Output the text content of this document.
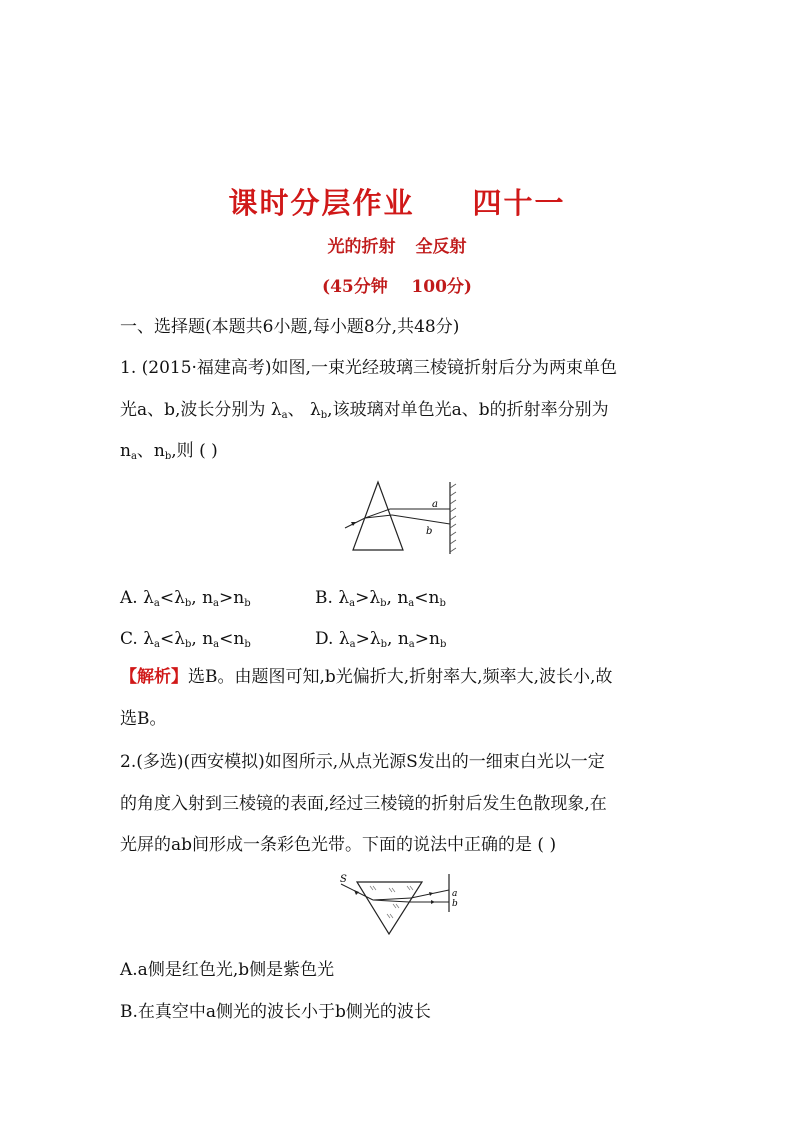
课时分层作业 四十一
光的折射 全反射
(45分钟 100分)
一、选择题(本题共6小题,每小题8分,共48分)
1. (2015·福建高考)如图,一束光经玻璃三棱镜折射后分为两束单色
光a、b,波长分别为 $\lambda_a$、 $\lambda_b$,该玻璃对单色光a、b的折射率分别为
$n_a$、$n_b$,则 ( )
a
b
A. $\lambda_a<\lambda_b$, $n_a>n_b$	B. $\lambda_a>\lambda_b$, $n_a<n_b$
C. $\lambda_a<\lambda_b$, $n_a<n_b$	D. $\lambda_a>\lambda_b$, $n_a>n_b$
【解析】选B。由题图可知,b光偏折大,折射率大,频率大,波长小,故
选B。
2.(多选)(西安模拟)如图所示,从点光源S发出的一细束白光以一定
的角度入射到三棱镜的表面,经过三棱镜的折射后发生色散现象,在
光屏的ab间形成一条彩色光带。下面的说法中正确的是 ( )
S
a
b
A.a侧是红色光,b侧是紫色光
B.在真空中a侧光的波长小于b侧光的波长
